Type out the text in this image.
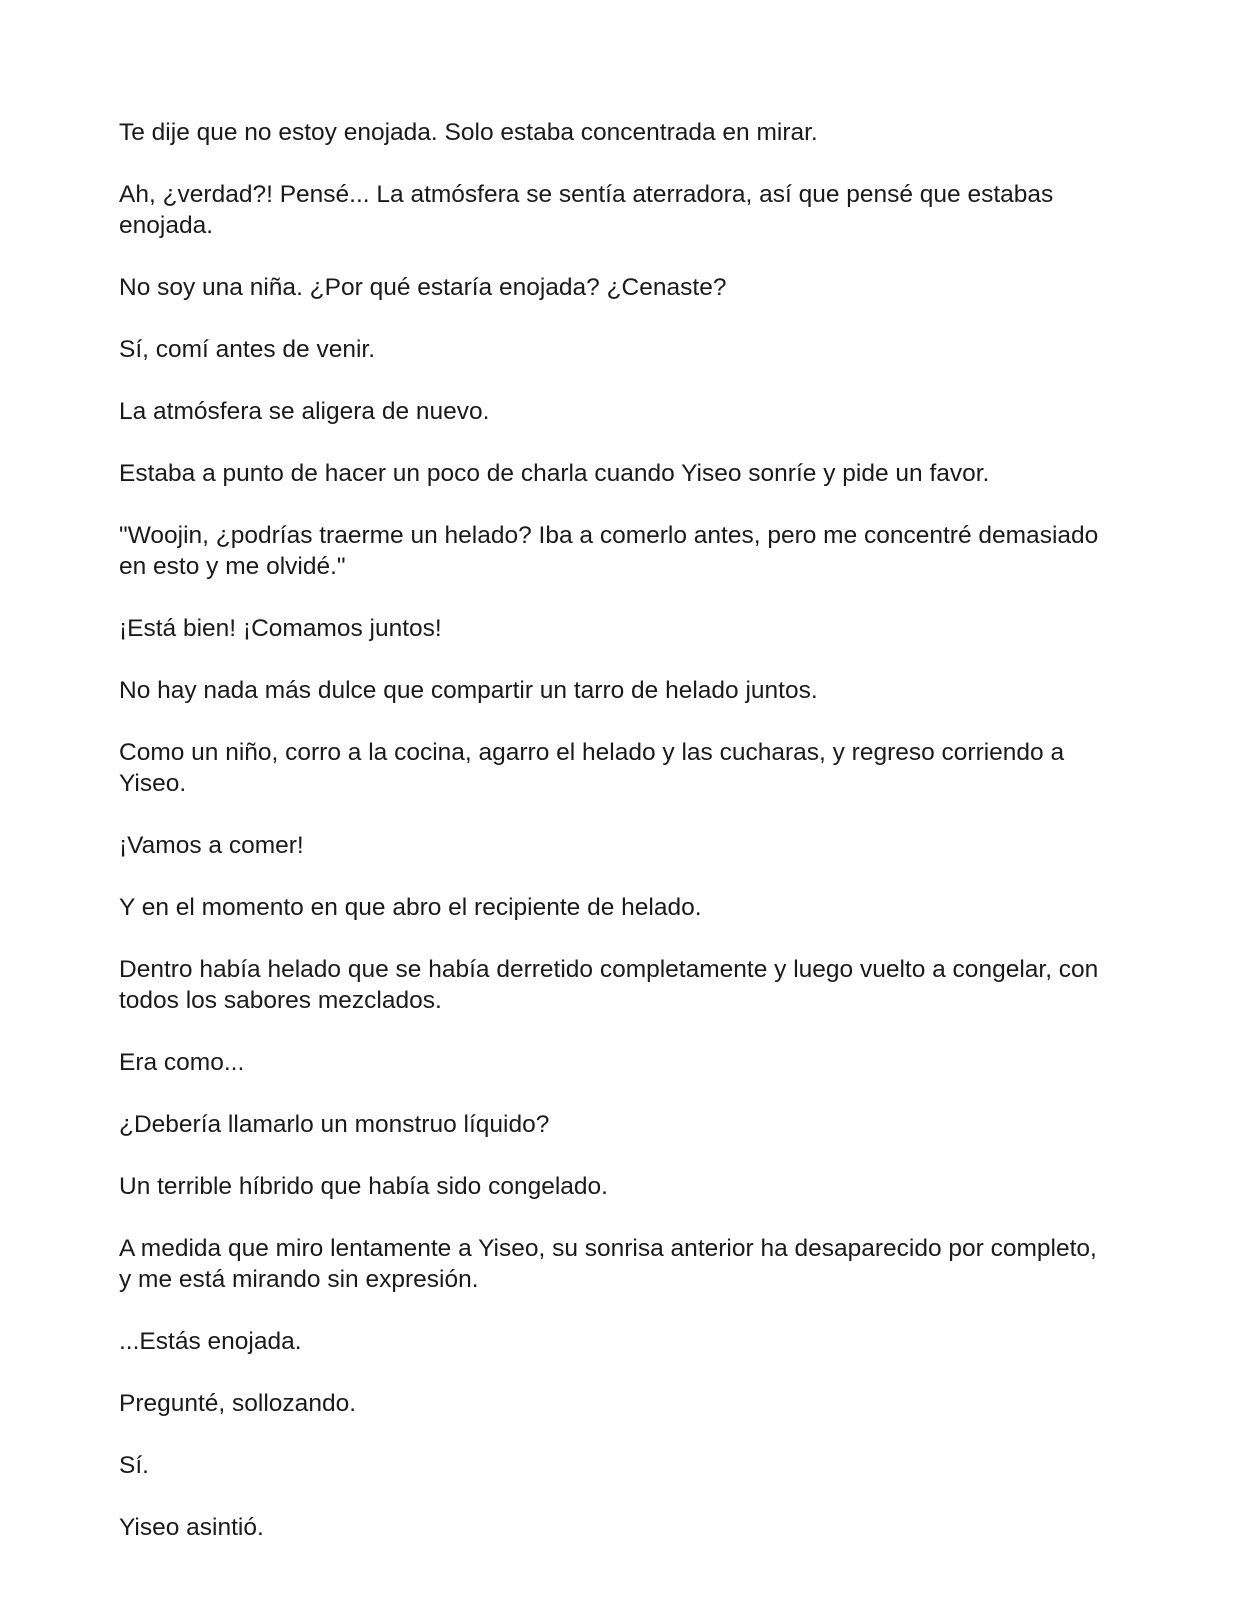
Te dije que no estoy enojada. Solo estaba concentrada en mirar.

Ah, ¿verdad?! Pensé... La atmósfera se sentía aterradora, así que pensé que estabas enojada.

No soy una niña. ¿Por qué estaría enojada? ¿Cenaste?

Sí, comí antes de venir.

La atmósfera se aligera de nuevo.

Estaba a punto de hacer un poco de charla cuando Yiseo sonríe y pide un favor.

"Woojin, ¿podrías traerme un helado? Iba a comerlo antes, pero me concentré demasiado en esto y me olvidé."

¡Está bien! ¡Comamos juntos!

No hay nada más dulce que compartir un tarro de helado juntos.

Como un niño, corro a la cocina, agarro el helado y las cucharas, y regreso corriendo a Yiseo.

¡Vamos a comer!

Y en el momento en que abro el recipiente de helado.

Dentro había helado que se había derretido completamente y luego vuelto a congelar, con todos los sabores mezclados.

Era como...

¿Debería llamarlo un monstruo líquido?

Un terrible híbrido que había sido congelado.

A medida que miro lentamente a Yiseo, su sonrisa anterior ha desaparecido por completo, y me está mirando sin expresión.

...Estás enojada.

Pregunté, sollozando.

Sí.

Yiseo asintió.
